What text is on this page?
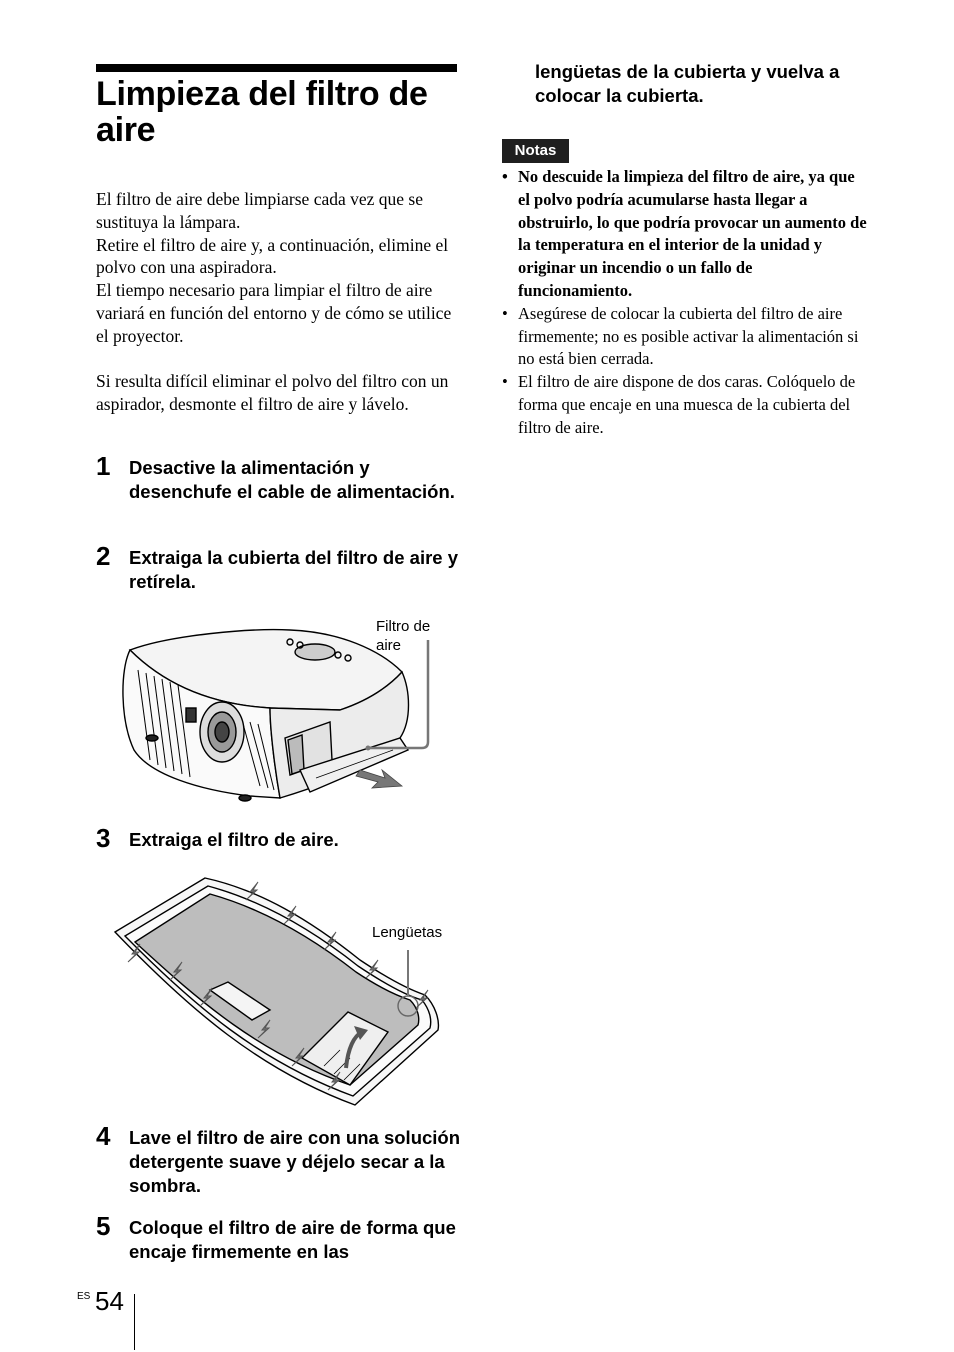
Limpieza del filtro de aire

El filtro de aire debe limpiarse cada vez que se sustituya la lámpara.

Retire el filtro de aire y, a continuación, elimine el polvo con una aspiradora.

El tiempo necesario para limpiar el filtro de aire variará en función del entorno y de cómo se utilice el proyector.

Si resulta difícil eliminar el polvo del filtro con un aspirador, desmonte el filtro de aire y lávelo.

1 Desactive la alimentación y desenchufe el cable de alimentación.
2 Extraiga la cubierta del filtro de aire y retírela.
Filtro de aire
3 Extraiga el filtro de aire.
Lengüetas
4 Lave el filtro de aire con una solución detergente suave y déjelo secar a la sombra.
5 Coloque el filtro de aire de forma que encaje firmemente en las
lengüetas de la cubierta y vuelva a colocar la cubierta.
Notas
• No descuide la limpieza del filtro de aire, ya que el polvo podría acumularse hasta llegar a obstruirlo, lo que podría provocar un aumento de la temperatura en el interior de la unidad y originar un incendio o un fallo de funcionamiento.
• Asegúrese de colocar la cubierta del filtro de aire firmemente; no es posible activar la alimentación si no está bien cerrada.
• El filtro de aire dispone de dos caras. Colóquelo de forma que encaje en una muesca de la cubierta del filtro de aire.
ES 54
